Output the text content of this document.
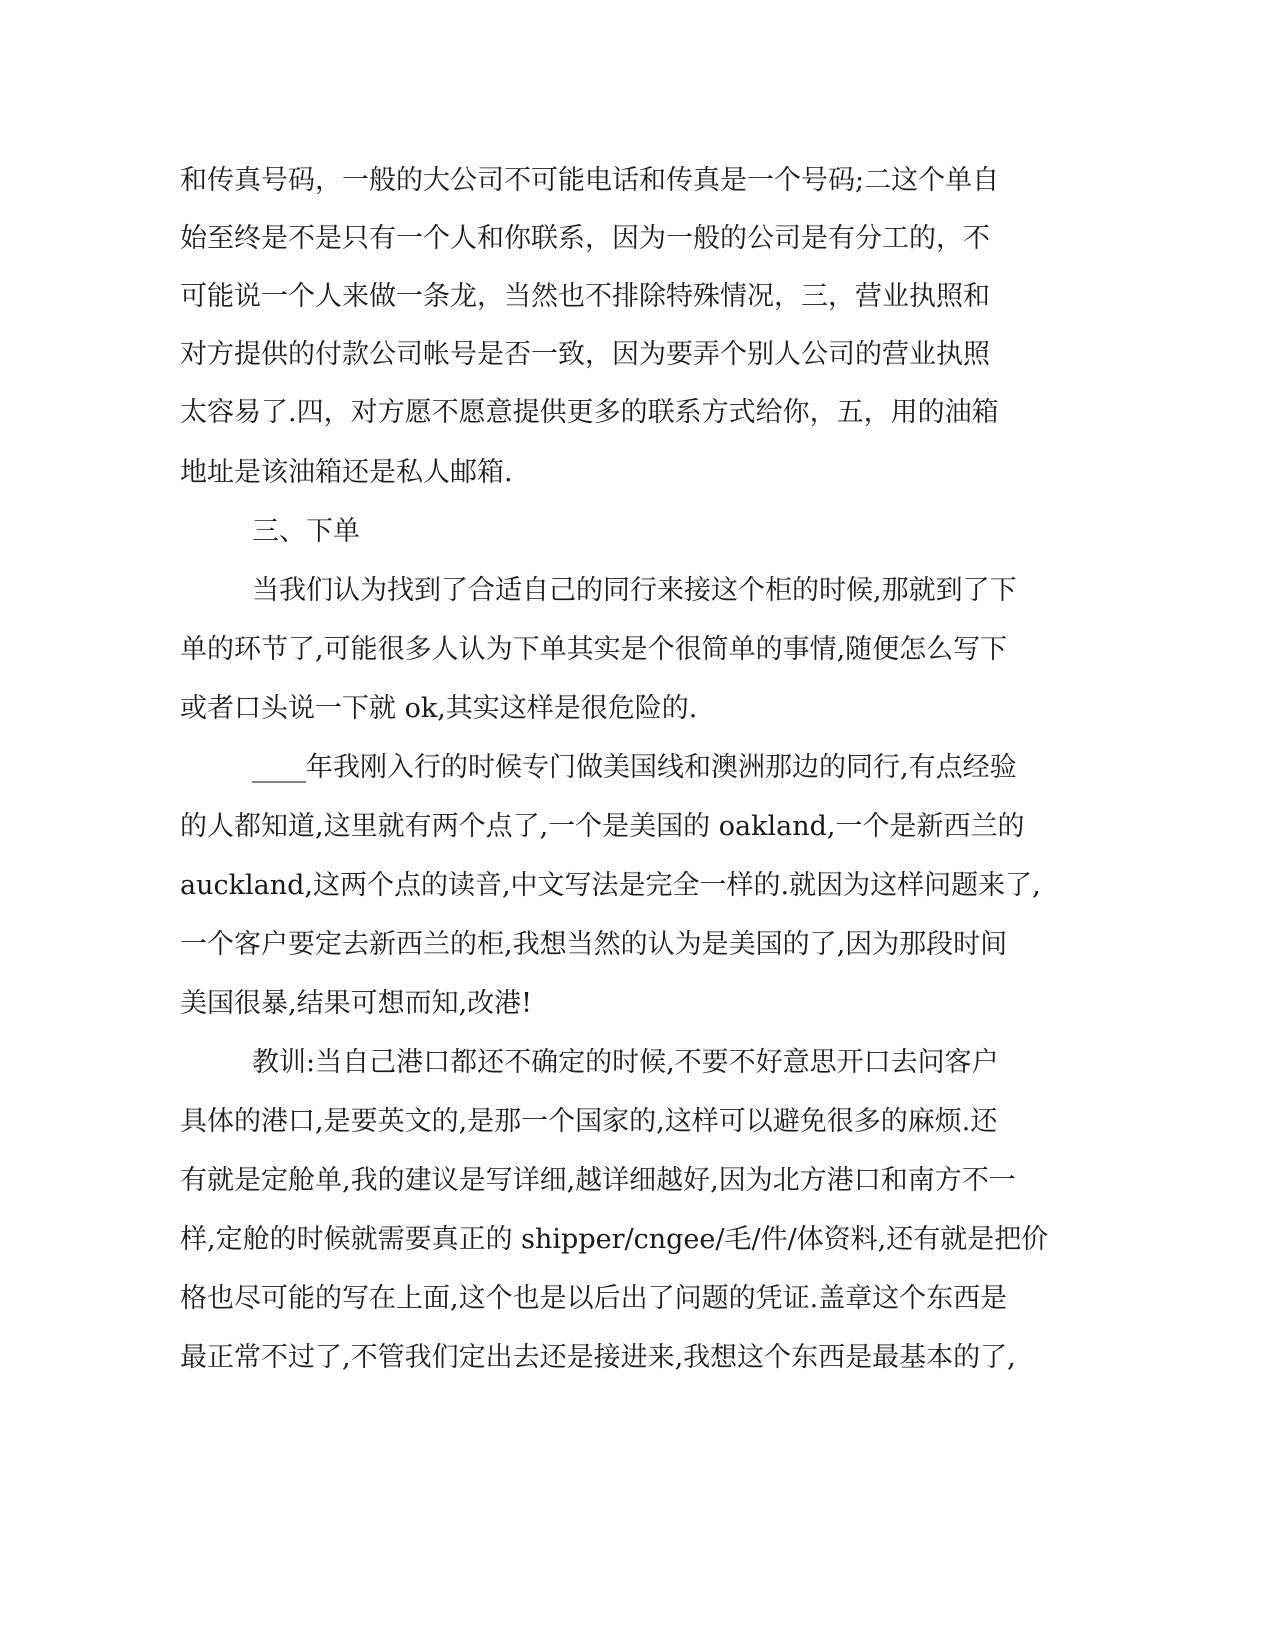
和传真号码，一般的大公司不可能电话和传真是一个号码;二这个单自

始至终是不是只有一个人和你联系，因为一般的公司是有分工的，不

可能说一个人来做一条龙，当然也不排除特殊情况，三，营业执照和

对方提供的付款公司帐号是否一致，因为要弄个别人公司的营业执照

太容易了.四，对方愿不愿意提供更多的联系方式给你，五，用的油箱

地址是该油箱还是私人邮箱.

三、下单

当我们认为找到了合适自己的同行来接这个柜的时候,那就到了下

单的环节了,可能很多人认为下单其实是个很简单的事情,随便怎么写下

或者口头说一下就 ok,其实这样是很危险的.

____年我刚入行的时候专门做美国线和澳洲那边的同行,有点经验

的人都知道,这里就有两个点了,一个是美国的 oakland,一个是新西兰的

auckland,这两个点的读音,中文写法是完全一样的.就因为这样问题来了,

一个客户要定去新西兰的柜,我想当然的认为是美国的了,因为那段时间

美国很暴,结果可想而知,改港!

教训:当自己港口都还不确定的时候,不要不好意思开口去问客户

具体的港口,是要英文的,是那一个国家的,这样可以避免很多的麻烦.还

有就是定舱单,我的建议是写详细,越详细越好,因为北方港口和南方不一

样,定舱的时候就需要真正的 shipper/cngee/毛/件/体资料,还有就是把价

格也尽可能的写在上面,这个也是以后出了问题的凭证.盖章这个东西是

最正常不过了,不管我们定出去还是接进来,我想这个东西是最基本的了,
